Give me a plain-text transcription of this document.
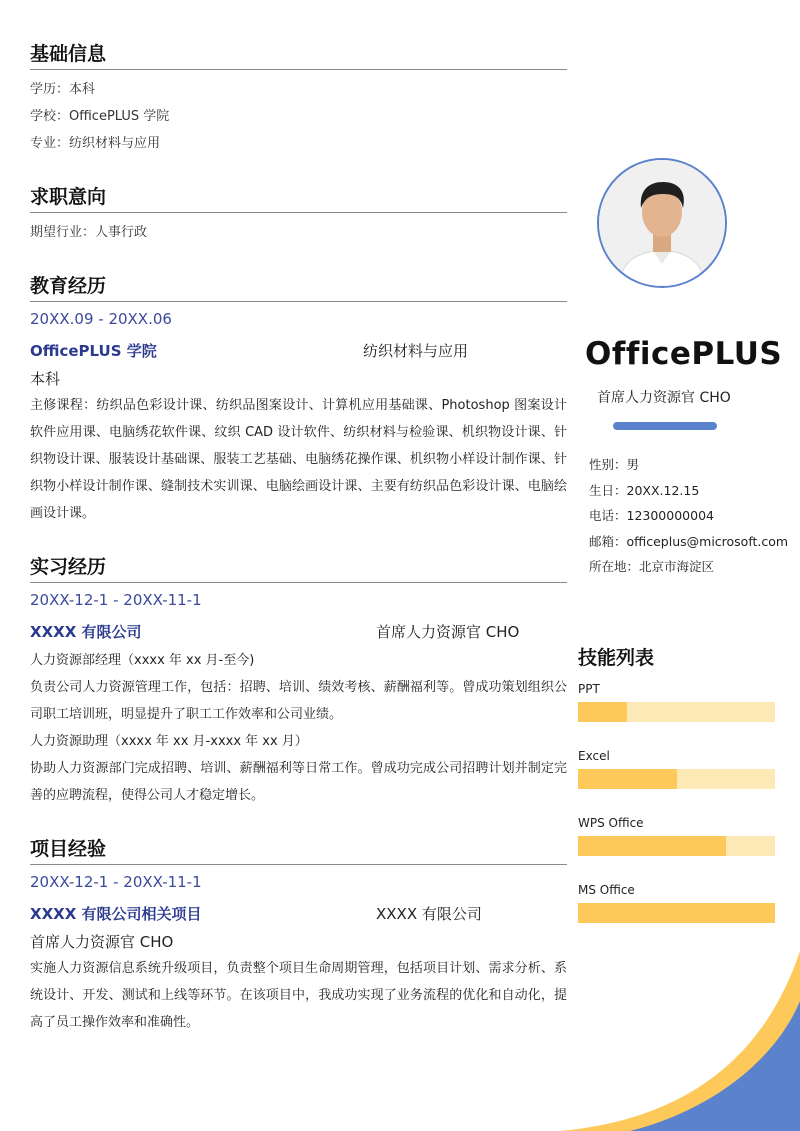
基础信息
学历：本科
学校：OfficePLUS 学院
专业：纺织材料与应用
求职意向
期望行业：人事行政
教育经历
20XX.09 - 20XX.06
OfficePLUS 学院	纺织材料与应用
本科
主修课程：纺织品色彩设计课、纺织品图案设计、计算机应用基础课、Photoshop 图案设计软件应用课、电脑绣花软件课、纹织 CAD 设计软件、纺织材料与检验课、机织物设计课、针织物设计课、服装设计基础课、服装工艺基础、电脑绣花操作课、机织物小样设计制作课、针织物小样设计制作课、缝制技术实训课、电脑绘画设计课、主要有纺织品色彩设计课、电脑绘画设计课。
实习经历
20XX-12-1 - 20XX-11-1
XXXX 有限公司	首席人力资源官 CHO
人力资源部经理（xxxx 年 xx 月-至今)
负责公司人力资源管理工作，包括：招聘、培训、绩效考核、薪酬福利等。曾成功策划组织公司职工培训班，明显提升了职工工作效率和公司业绩。
人力资源助理（xxxx 年 xx 月-xxxx 年 xx 月）
协助人力资源部门完成招聘、培训、薪酬福利等日常工作。曾成功完成公司招聘计划并制定完善的应聘流程，使得公司人才稳定增长。
项目经验
20XX-12-1 - 20XX-11-1
XXXX 有限公司相关项目	XXXX 有限公司
首席人力资源官 CHO
实施人力资源信息系统升级项目，负责整个项目生命周期管理，包括项目计划、需求分析、系统设计、开发、测试和上线等环节。在该项目中，我成功实现了业务流程的优化和自动化，提高了员工操作效率和准确性。
OfficePLUS
首席人力资源官 CHO
性别：男
生日：20XX.12.15
电话：12300000004
邮箱：officeplus@microsoft.com
所在地：北京市海淀区
技能列表
PPT
Excel
WPS Office
MS Office
